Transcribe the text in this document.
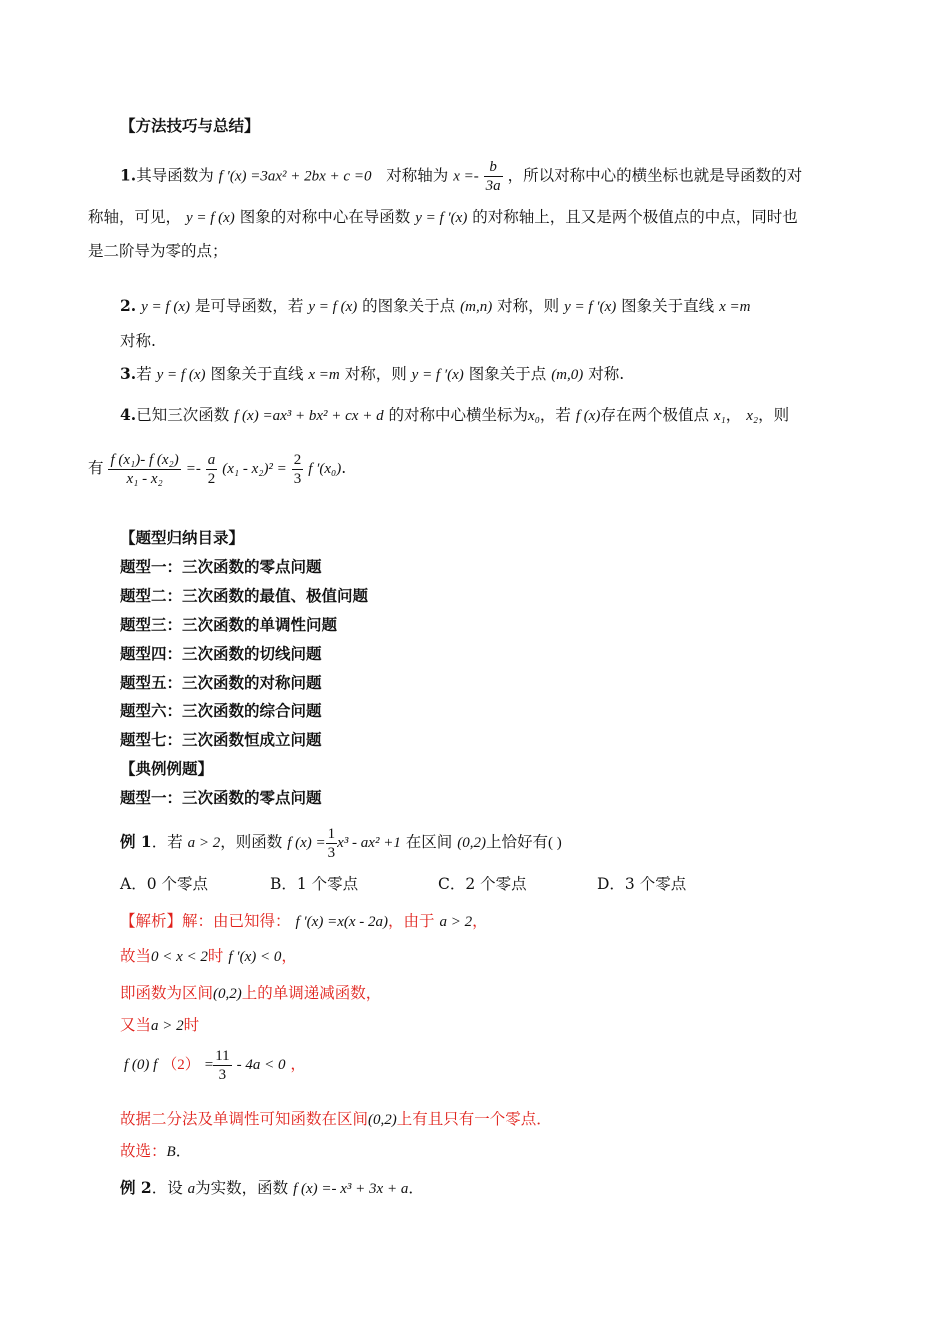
【方法技巧与总结】
1.其导函数为 f ′(x) =3ax² + 2bx + c =0 对称轴为 $x =- \frac{b}{3a}$ ，所以对称中心的横坐标也就是导函数的对
称轴，可见， y = f (x) 图象的对称中心在导函数 y = f ′(x) 的对称轴上，且又是两个极值点的中点，同时也
是二阶导为零的点；
2. y = f (x) 是可导函数，若 y = f (x) 的图象关于点 (m,n) 对称，则 y = f ′(x) 图象关于直线 x =m
对称.
3.若 y = f (x) 图象关于直线 x =m 对称，则 y = f ′(x) 图象关于点 (m,0) 对称.
4.已知三次函数 f (x) =ax³ + bx² + cx + d 的对称中心横坐标为x₀，若 f (x)存在两个极值点 x₁， x₂，则
有 $\frac{\text{f (x₁)- f (x₂)}}{\text{x₁ - x₂}} =- \frac{a}{2} (x_1 - x_2)^2 = \frac{2}{3}$ f ′(x₀).
【题型归纳目录】
题型一：三次函数的零点问题
题型二：三次函数的最值、极值问题
题型三：三次函数的单调性问题
题型四：三次函数的切线问题
题型五：三次函数的对称问题
题型六：三次函数的综合问题
题型七：三次函数恒成立问题
【典例例题】
题型一：三次函数的零点问题
例 1．若 a > 2，则函数 f $(x) = \frac{1}{3} x^3 - ax^2 +1$ 在区间 (0,2)上恰好有( )
A．0 个零点	B．1 个零点	C．2 个零点	D．3 个零点
【解析】解：由已知得： f ′(x) =x(x - 2a)，由于 a > 2，
故当0 < x < 2时 f ′(x) < 0，
即函数为区间(0,2)上的单调递减函数，
又当a > 2时
f (0) f $(2) = \frac{11}{3} - 4a < 0$ ，
故据二分法及单调性可知函数在区间(0,2)上有且只有一个零点．
故选：B．
例 2．设 a为实数，函数 f (x) =- x³ + 3x + a．
